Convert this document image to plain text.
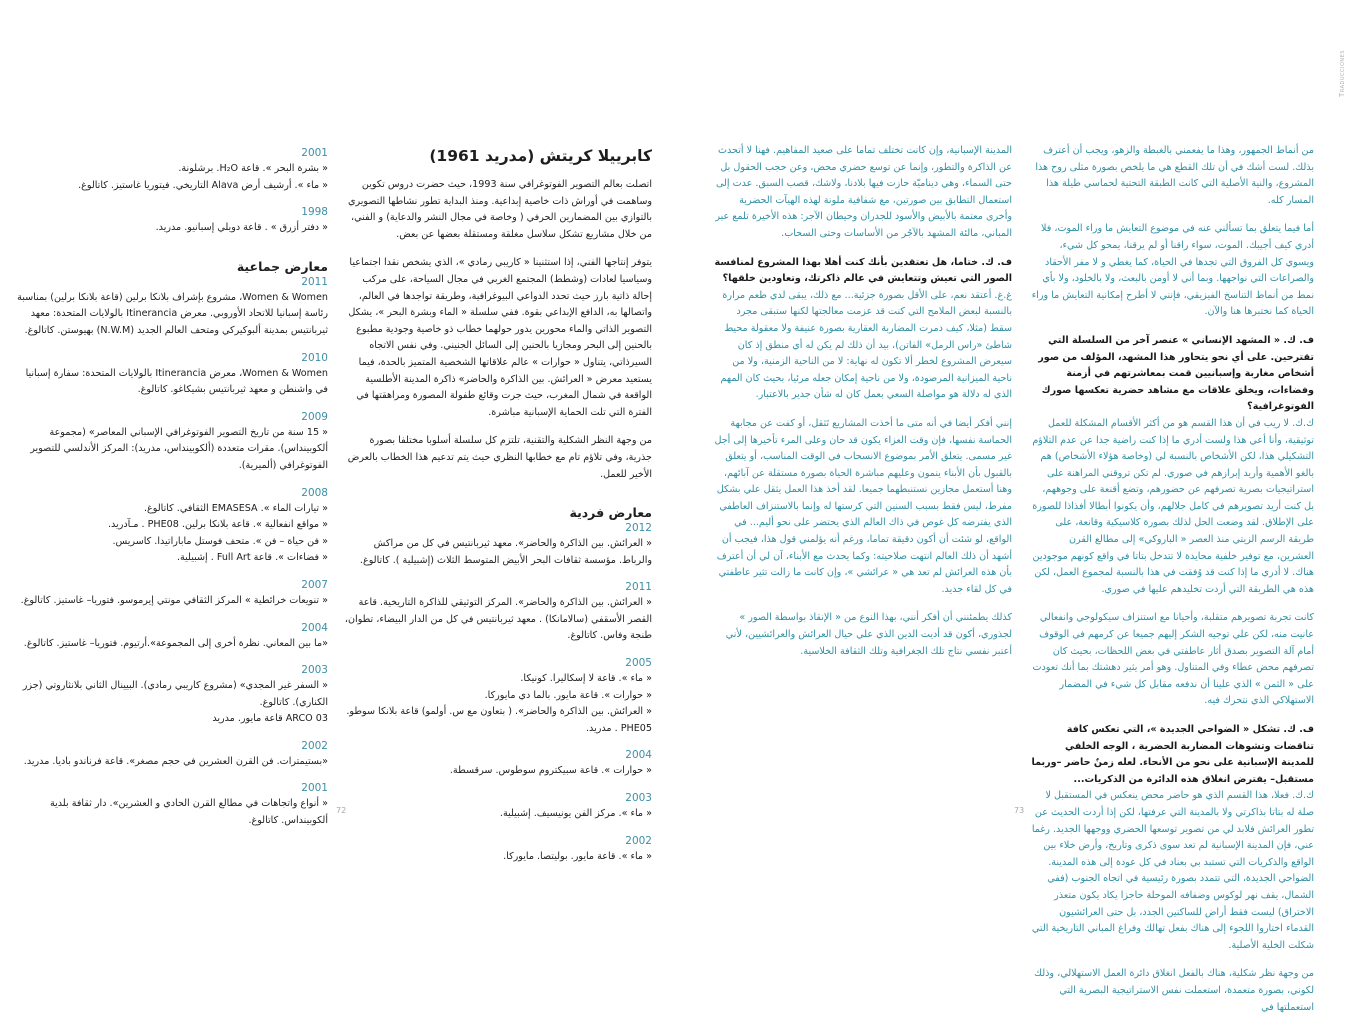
Traducciones
2001
« بشرة البحر ». قاعة H₂O. برشلونة.
« ماء ». أرشيف أرض Alava التاريخي. فيتوريا غاستيز. كاتالوغ.
1998
« دفتر أزرق » . قاعة دويلي إسبانيو. مدريد.
معارض جماعية
2011
Women & Women، مشروع بإشراف بلانكا برلين (قاعة بلانكا برلين) بمناسبة رئاسة إسبانيا للاتحاد الأوروبي. معرض Itinerancia بالولايات المتحدة: معهد ثيربانتيس بمدينة ألبوكيركي ومتحف العالم الجديد (N.W.M) بهيوستن. كاتالوغ.
2010
Women & Women، معرض Itinerancia بالولايات المتحدة: سفارة إسبانيا في واشنطن و معهد ثيربانتيس بشيكاغو. كاتالوغ.
2009
« 15 سنة من تاريخ التصوير الفوتوغرافي الإسباني المعاصر» (مجموعة ألكوبينداس). مقرات متعددة (ألكوبينداس، مدريد): المركز الأندلسي للتصوير الفوتوغرافي (ألميرية).
2008
« تيارات الماء ». EMASESA الثقافي. كاتالوغ.
« مواقع انفعالية ». قاعة بلانكا برلين. PHE08 . مـآدريد.
« فن حياة – فن ». متحف فوستل ماباراتيدا. كاسريس.
« فضاءات ». قاعة Full Art . إشبيلية.
2007
« تنويعات خرائطية » المركز الثقافي مونتي إيرموسو. فتوريا– غاستيز. كاتالوغ.
2004
«ما بين المعاني. نظرة أخرى إلى المجموعة».أرتيوم. فتوريا– غاستيز. كاتالوغ.
2003
« السفر غير المجدي» (مشروع كاريبي رمادي). البيينال الثاني بلانثاروتي (جزر الكناري). كاتالوغ.
ARCO 03 قاعة مايور. مدريد
2002
«بستيمترات. فن القرن العشرين في حجم مصغر». قاعة فرناندو باديا. مدريد.
2001
« أنواع واتجاهات في مطالع القرن الحادي و العشرين». دار ثقافة بلدية ألكوبينداس. كاتالوغ.
كابرييلا كريتش (مدريد 1961)

اتصلت بعالم التصوير الفوتوغرافي سنة 1993، حيث حضرت دروس تكوين وساهمت في أوراش ذات خاصية إبداعية. ومنذ البداية تطور نشاطها التصويري بالتوازي بين المضمارين الحرفي ( وخاصة في مجال النشر والدعاية) و الفني، من خلال مشاريع تشكل سلاسل مغلقة ومستقلة بعضها عن بعض.

يتوفر إنتاجها الفني، إذا استثنينا « كاريبي رمادي »، الذي يشخص نقدا اجتماعيا وسياسيا لعادات (وشطط) المجتمع الغربي في مجال السياحة، على مركب إحالة ذاتية بارز حيث تحدد الدواعي البيوغرافية، وطريقة تواجدها في العالم، واتصالها به، الدافع الإبداعي بقوة. ففي سلسلة « الماء وبشرة البحر »، يشكل التصوير الذاتي والماء محورين يدور حولهما خطاب ذو خاصية وجودية مطبوع بالحنين إلى البحر ومجازيا بالحنين إلى السائل الجنيني. وفي نفس الاتجاه السيرذاتي، يتناول « حوارات » عالم علاقاتها الشخصية المتميز بالحدة، فيما يستعيد معرض « العرائش. بين الذاكرة والحاضر» ذاكرة المدينة الأطلسية الواقعة في شمال المغرب، حيث جرت وقائع طفولة المصورة ومراهقتها في الفترة التي تلت الحماية الإسبانية مباشرة.

من وجهة النظر الشكلية والتقنية، تلتزم كل سلسلة أسلوبا مختلفا بصورة جذرية، وفي تلاؤم تام مع خطابها النظري حيث يتم تدعيم هذا الخطاب بالعرض الأخير للعمل.

معارض فردية
2012
« العرائش. بين الذاكرة والحاضر». معهد ثيربانتيس في كل من مراكش والرباط. مؤسسة ثقافات البحر الأبيض المتوسط الثلاث (إشبيلية ). كاتالوغ.
2011
« العرائش. بين الذاكرة والحاضر». المركز التوثيقي للذاكرة التاريخية. قاعة القصر الأسقفي (سالامانكا) . معهد ثيربانتيس في كل من الدار البيضاء، تطوان، طنجة وفاس. كاتالوغ.
2005
« ماء ». قاعة لا إسكاليرا. كونيكا.
« حوارات ». قاعة مايور. بالما دي مايوركا.
« العرائش. بين الذاكرة والحاضر». ( بتعاون مع س. أولمو) قاعة بلانكا سوطو. PHE05 . مدريد.
2004
« حوارات ». قاعة سبيكتروم سوطوس. سرقسطة.
2003
« ماء ». مركز الفن يونيسيف. إشبيلية.
2002
« ماء ». قاعة مايور. بوليتصا. مايوركا.

المدينة الإسبانية، وإن كانت تختلف تماما على صعيد المفاهيم. فهنا لا أتحدث عن الذاكرة والتطور، وإنما عن توسع حضري محض، وعن حجب الحقول بل حتى السماء، وهي ديناميّة حازت فيها بلادنا، ولاشك، قصب السبق. عدت إلى استعمال التطابق بين صورتين، مع شفافية ملونة لهذه الهيآت الحضرية وأخرى معتمة بالأبيض والأسود للجدران وحيطان الآجر: هذه الأخيرة تلمع عبر المباني، مالئة المشهد بالآجُر من الأساسات وحتى السحاب.

ف. ك. ختاما، هل تعتقدين بأنك كنت أهلا بهذا المشروع لمنافسة الصور التي تعيش وتتعايش في عالم ذاكرتك، وتعاودين خلقها؟

غ.غ. أعتقد نعم، على الأقل بصورة جزئية... مع ذلك، يبقى لدي طعم مرارة بالنسبة لبعض الملامح التي كنت قد عزمت معالجتها لكنها ستبقى مجرد سقط (مثلا، كيف دمرت المضاربة العقارية بصورة عنيفة ولا معقولة محيط شاطئ «راس الرمل» الفاتن)، بيد أن ذلك لم يكن له أي منطق إذ كان سيعرض المشروع لخطر ألا تكون له نهاية: لا من الناحية الزمنية، ولا من ناحية الميزانية المرصودة، ولا من ناحية إمكان جعله مرئيا، بحيث كان المهم الذي له دلالة هو مواصلة السعي بعمل كان له شأن جدير بالاعتبار.

إنني أفكر أيضا في أنه متى ما أخذت المشاريع تَثقل، أو كفت عن مجابهة الحماسة نفسها، فإن وقت العزاء يكون قد حان وعلى المرء تأخيرها إلى أجل غير مسمى. يتعلق الأمر بموضوع الانسحاب في الوقت المناسب، أو يتعلق بالقبول بأن الأبناء ينمون وعليهم مباشرة الحياة بصورة مستقلة عن آبائهم، وهنا أستعمل مجازين نستنبطهما جميعا. لقد أخذ هذا العمل يثقل علي بشكل مفرط، ليس فقط بسبب السنين التي كرستها له وإنما بالاستنزاف العاطفي الذي يفترضه كل غوص في ذاك العالم الذي يحتضر على نحو أليم... في الواقع، لو شئت أن أكون دقيقة تماما، ورغم أنه يؤلمني قول هذا، فيجب أن أشهد أن ذلك العالم انتهت صلاحيته: وكما يحدث مع الأبناء، آن لي أن أعترف بأن هذه العرائش لم تعد هي « عرائشي »، وإن كانت ما زالت تثير عاطفتي في كل لقاء جديد.

كذلك يطمئنني أن أفكر أنني، بهذا النوع من « الإنقاذ بواسطة الصور » لجذوري، أكون قد أديت الدين الذي علي حيال العرائش والعرائشيين، لأني أعتبر نفسي نتاج تلك الجغرافية وتلك الثقافة الخلاسية.

من أنماط الجمهور، وهذا ما يفعمني بالغبطة والزهو، ويجب أن أعترف بذلك. لست أشك في أن تلك القطع هي ما يلخص بصورة مثلى روح هذا المشروع، والنية الأصلية التي كانت الطبقة التحتية لحماسي طيلة هذا المسار كله.

أما فيما يتعلق بما تسألني عنه في موضوع التعايش ما وراء الموت، فلا أدري كيف أجيبك. الموت، سواء راقنا أو لم يرقنا، يمحو كل شيء، ويسوي كل الفروق التي تجدها في الحياة، كما يغطي و لا مفر الأحقاد والصراعات التي نواجهها. وبما أني لا أومن بالبعث، ولا بالخلود، ولا بأي نمط من أنماط التناسخ الفيزيقي، فإنني لا أطرح إمكانية التعايش ما وراء الحياة كما نختبرها هنا والآن.

ف. ك. « المشهد الإنساني » عنصر آخر من السلسلة التي تقترحين. على أي نحو يتحاور هذا المشهد، المؤلف من صور أشخاص مغاربة وإسبانيين قمت بمعاشرتهم في أزمنة وفضاءات، ويخلق علاقات مع مشاهد حضرية تعكسها صورك الفوتوغرافية؟

ك.ك. لا ريب في أن هذا القسم هو من أكثر الأقسام المشكلة للعمل توثيقية، وأنا أعي هذا ولست أدري ما إذا كنت راضية جدا عن عدم التلاؤم التشكيلي هذا، لكن الأشخاص بالنسبة لي (وخاصة هؤلاء الأشخاص) هم بالغو الأهمية وأريد إبرازهم في صوري. لم تكن تروقني المراهنة على استراتيجيات بصرية تصرفهم عن حضورهم، وتضع أقنعة على وجوههم، بل كنت أريد تصويرهم في كامل جلالهم، وأن يكونوا أبطالا أفذاذا للصورة على الإطلاق. لقد وضعت الحل لذلك بصورة كلاسيكية وقانعة، على طريقة الرسم الزيتي منذ العصر « الباروكي» إلى مطالع القرن العشرين، مع توفير خلفية محايدة لا تتدخل بتاتا في واقع كونهم موجودين هناك. لا أدري ما إذا كنت قد وُفقت في هذا بالنسبة لمجموع العمل، لكن هذه هي الطريقة التي أردت تخليدهم عليها في صوري.

كانت تجربة تصويرهم متقلبة، وأحيانا مع استنزاف سيكولوجي وانفعالي عانيت منه، لكن علي توجيه الشكر إليهم جميعا عن كرمهم في الوقوف أمام آلة التصوير بصدق أثار عاطفتي في بعض اللحظات، بحيث كان تصرفهم محض عطاء وفي المتناول. وهو أمر يثير دهشتك بما أنك تعودت على « الثمن » الذي علينا أن ندفعه مقابل كل شيء في المضمار الاستهلاكي الذي نتحرك فيه.

ف. ك. تشكل « الضواحي الجديدة »، التي تعكس كافة تناقضات وتشوهات المضاربة الحضرية ، الوجه الخلفي للمدينة الإسبانية على نحو من الأنحاء. لعله زمنٌ حاضر –وربما مستقبل– يفترض انغلاق هذه الدائرة من الذكريات...

ك.ك. فعلا، هذا القسم الذي هو حاضر محض ينعكس في المستقبل لا صلة له بتاتا بذاكرتي ولا بالمدينة التي عرفتها، لكن إذا أردت الحديث عن تطور العرائش فلابد لي من تصوير توسعها الحضري ووجهها الجديد. رغما عني، فإن المدينة الإسبانية لم تعد سوى ذكرى وتاريخ، وأرض خلاء بين الواقع والذكريات التي تستبد بي بعناد في كل عودة إلى هذه المدينة. الضواحي الجديدة، التي تتمدد بصورة رئيسية في اتجاه الجنوب (ففي الشمال، يقف نهر لوكوس وضفافه الموحلة حاجزا يكاد يكون متعذر الاختراق) ليست فقط أراض للساكنين الجدد، بل حتى العرائشيون القدماء اختاروا اللجوء إلى هناك بفعل تهالك وفراغ المباني التاريخية التي شكلت الخلية الأصلية.

من وجهة نظر شكلية، هناك بالفعل انغلاق دائرة العمل الاستهلالي، وذلك لكوني، بصورة متعمدة، استعملت نفس الاستراتيجية البصرية التي استعملتها في

72	73
